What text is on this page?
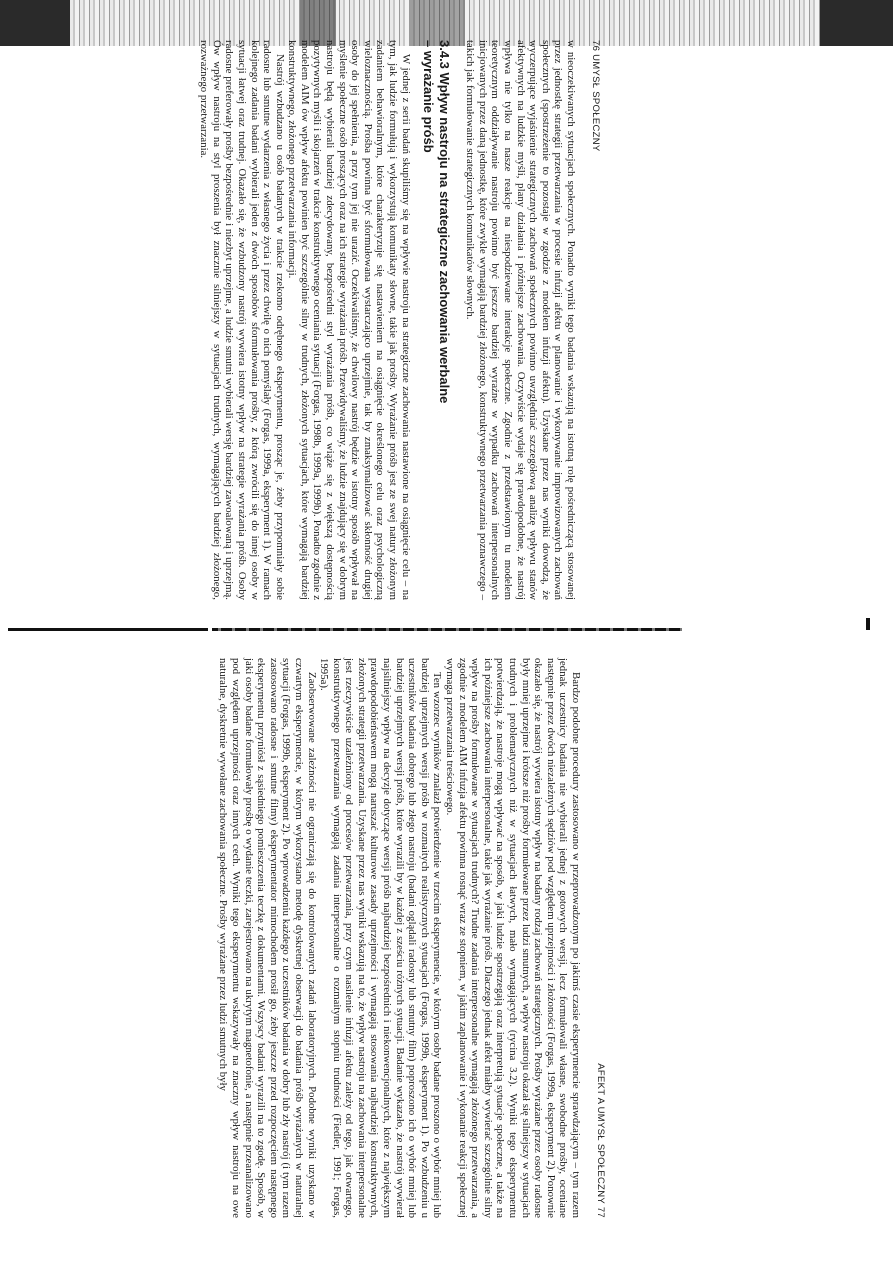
76 UMYSŁ SPOŁECZNY

w nieoczekiwanych sytuacjach społecznych. Ponadto wyniki tego badania wskazują na istotną rolę pośredniczącą stosowanej przez jednostkę strategii przetwarzania w procesie infuzji afektu w planowanie i wykonywanie improwizowanych zachowań społecznych (spostrzeżenie to pozostaje w zgodzie z modelem infuzji afektu). Uzyskane przez nas wyniki dowodzą, że wyczerpujące wyjaśnienie strategicznych zachowań społecznych powinno uwzględniać szczegółową analizę wpływu stanów afektywnych na ludzkie myśli, plany działania i późniejsze zachowania. Oczywiście wydaje się prawdopodobne, że nastrój wpływa nie tylko na nasze reakcje na niespodziewane interakcje społeczne. Zgodnie z przedstawionym tu modelem teoretycznym oddziaływanie nastroju powinno być jeszcze bardziej wyraźne w wypadku zachowań interpersonalnych inicjowanych przez daną jednostkę, które zwykle wymagają bardziej złożonego, konstruktywnego przetwarzania poznawczego – takich jak formułowanie strategicznych komunikatów słownych.

3.4.3 Wpływ nastroju na strategiczne zachowania werbalne
– wyrażanie próśb

W jednej z serii badań skupiliśmy się na wpływie nastroju na strategiczne zachowania nastawione na osiągnięcie celu – na tym, jak ludzie formułują i wykorzystują komunikaty słowne, takie jak prośby. Wyrażanie próśb jest ze swej natury złożonym zadaniem behawioralnym, które charakteryzuje się nastawieniem na osiągnięcie określonego celu oraz psychologiczną wieloznacznością. Prośba powinna być sformułowana wystarczająco uprzejmie, tak by zmaksymalizować skłonność drugiej osoby do jej spełnienia, a przy tym jej nie urazić. Oczekiwaliśmy, że chwilowy nastrój będzie w istotny sposób wpływał na myślenie społeczne osób proszących oraz na ich strategie wyrażania próśb. Przewidywaliśmy, że ludzie znajdujący się w dobrym nastroju będą wybierali bardziej zdecydowany, bezpośredni styl wyrażania próśb, co wiąże się z większą dostępnością pozytywnych myśli i skojarzeń w trakcie konstruktywnego oceniania sytuacji (Forgas, 1998b, 1999a, 1999b). Ponadto zgodnie z modelem AIM ów wpływ afektu powinien być szczególnie silny w trudnych, złożonych sytuacjach, które wymagają bardziej konstruktywnego, złożonego przetwarzania informacji.

Nastrój wzbudzano u osób badanych w trakcie rzekomo odrębnego eksperymentu, prosząc je, żeby przypomniały sobie radosne lub smutne wydarzenia z własnego życia i przez chwilę o nich pomyślały (Forgas, 1999a, eksperyment 1). W ramach kolejnego zadania badani wybierali jeden z dwóch sposobów sformułowania prośby, z którą zwrócili się do innej osoby w sytuacji łatwej oraz trudnej. Okazało się, że wzbudzony nastrój wywiera istotny wpływ na strategie wyrażania próśb. Osoby radosne preferowały prośby bezpośrednie i niezbyt uprzejme, a ludzie smutni wybierali wersję bardziej zawoalowaną i uprzejmą. Ów wpływ nastroju na styl proszenia był znacznie silniejszy w sytuacjach trudnych, wymagających bardziej złożonego, rozważnego przetwarzania.

AFEKT A UMYSŁ SPOŁECZNY 77

Bardzo podobne procedury zastosowano w przeprowadzonym po jakimś czasie eksperymencie sprawdzającym – tym razem jednak uczestnicy badania nie wybierali jednej z gotowych wersji, lecz formułowali własne, swobodne prośby, oceniane następnie przez dwóch niezależnych sędziów pod względem uprzejmości i złożoności (Forgas, 1999a, eksperyment 2). Ponownie okazało się, że nastrój wywiera istotny wpływ na badany rodzaj zachowań strategicznych. Prośby wyrażane przez osoby radosne były mniej uprzejme i krótsze niż prośby formułowane przez ludzi smutnych, a wpływ nastroju okazał się silniejszy w sytuacjach trudnych i problematycznych niż w sytuacjach łatwych, mało wymagających (rycina 3.2). Wyniki tego eksperymentu potwierdzają, że nastroje mogą wpływać na sposób, w jaki ludzie spostrzegają oraz interpretują sytuacje społeczne, a także na ich późniejsze zachowania interpersonalne, takie jak wyrażanie próśb. Dlaczego jednak afekt miałby wywierać szczególnie silny wpływ na prośby formułowane w sytuacjach trudnych? Trudne zadania interpersonalne wymagają złożonego przetwarzania, a zgodnie z modelem AIM infuzja afektu powinna rosnąć wraz ze stopniem, w jakim zaplanowanie i wykonanie reakcji społecznej wymaga przetwarzania treściowego.

Ten wzorzec wyników znalazł potwierdzenie w trzecim eksperymencie, w którym osoby badane proszono o wybór mniej lub bardziej uprzejmych wersji próśb w rozmaitych realistycznych sytuacjach (Forgas, 1999b, eksperyment 1). Po wzbudzeniu u uczestników badania dobrego lub złego nastroju (badani oglądali radosny lub smutny film) poproszono ich o wybór mniej lub bardziej uprzejmych wersji próśb, które wyrazili by w każdej z sześciu różnych sytuacji. Badanie wykazało, że nastrój wywierał najsilniejszy wpływ na decyzje dotyczące wersji próśb najbardziej bezpośrednich i niekonwencjonalnych, które z największym prawdopodobieństwem mogą naruszać kulturowe zasady uprzejmości i wymagają stosowania najbardziej konstruktywnych, złożonych strategii przetwarzania. Uzyskane przez nas wyniki wskazują na to, że wpływ nastroju na zachowania interpersonalne jest rzeczywiście uzależniony od procesów przetwarzania, przy czym nasilenie infuzji afektu zależy od tego, jak otwartego, konstruktywnego przetwarzania wymagają zadania interpersonalne o rozmaitym stopniu trudności (Fiedler, 1991; Forgas, 1995a).

Zaobserwowane zależności nie ograniczają się do kontrolowanych zadań laboratoryjnych. Podobne wyniki uzyskano w czwartym eksperymencie, w którym wykorzystano metodę dyskretnej obserwacji do badania próśb wyrażanych w naturalnej sytuacji (Forgas, 1999b, eksperyment 2). Po wprowadzeniu każdego z uczestników badania w dobry lub zły nastrój (i tym razem zastosowano radosne i smutne filmy) eksperymentator mimochodem prosił go, żeby jeszcze przed rozpoczęciem następnego eksperymentu przyniósł z sąsiedniego pomieszczenia teczkę z dokumentami. Wszyscy badani wyrazili na to zgodę. Sposób, w jaki osoby badane formułowały prośbę o wydanie teczki, zarejestrowano na ukrytym magnetofonie, a następnie przeanalizowano pod względem uprzejmości oraz innych cech. Wyniki tego eksperymentu wskazywały na znaczny wpływ nastroju na owe naturalne, dyskretnie wywołane zachowania społeczne. Prośby wyrażane przez ludzi smutnych były
